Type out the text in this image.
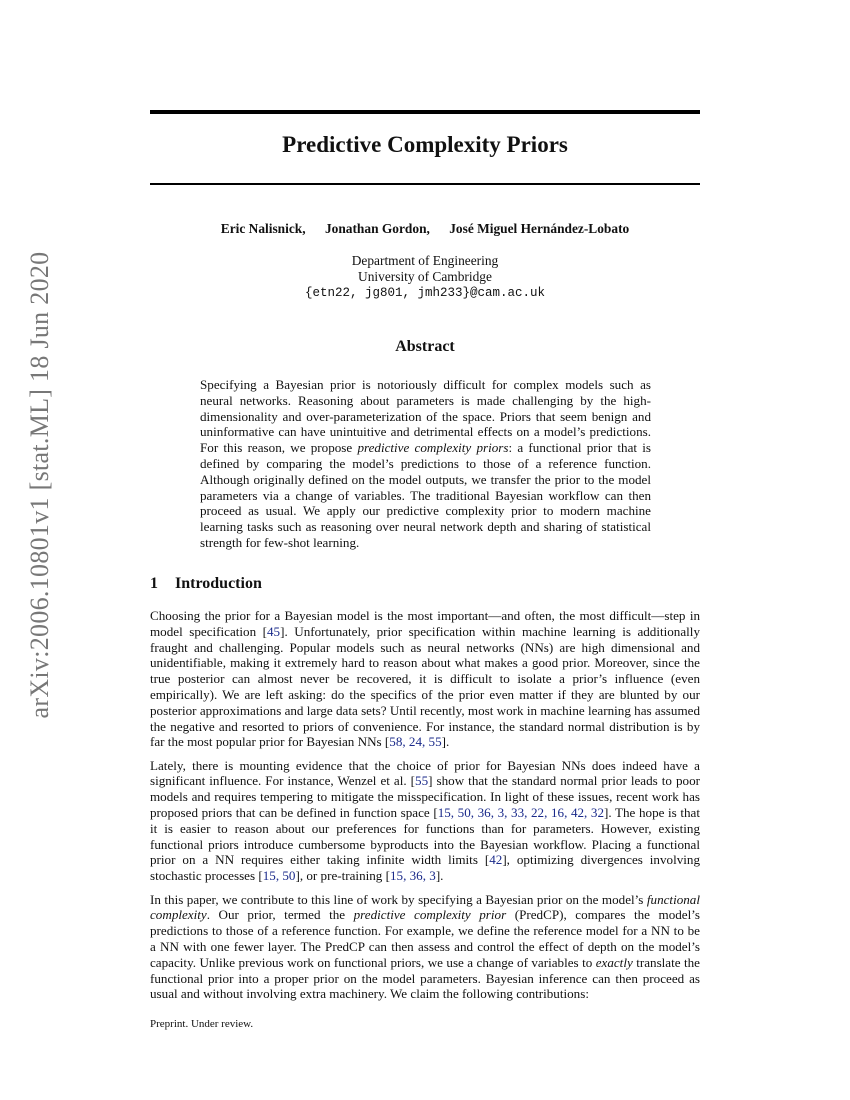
arXiv:2006.10801v1 [stat.ML] 18 Jun 2020
Predictive Complexity Priors
Eric Nalisnick, Jonathan Gordon, José Miguel Hernández-Lobato
Department of Engineering
University of Cambridge
{etn22, jg801, jmh233}@cam.ac.uk
Abstract

Specifying a Bayesian prior is notoriously difficult for complex models such as neural networks. Reasoning about parameters is made challenging by the high-dimensionality and over-parameterization of the space. Priors that seem benign and uninformative can have unintuitive and detrimental effects on a model’s predictions. For this reason, we propose predictive complexity priors: a functional prior that is defined by comparing the model’s predictions to those of a reference function. Although originally defined on the model outputs, we transfer the prior to the model parameters via a change of variables. The traditional Bayesian workflow can then proceed as usual. We apply our predictive complexity prior to modern machine learning tasks such as reasoning over neural network depth and sharing of statistical strength for few-shot learning.

1 Introduction

Choosing the prior for a Bayesian model is the most important—and often, the most difficult—step in model specification [45]. Unfortunately, prior specification within machine learning is additionally fraught and challenging. Popular models such as neural networks (NNs) are high dimensional and unidentifiable, making it extremely hard to reason about what makes a good prior. Moreover, since the true posterior can almost never be recovered, it is difficult to isolate a prior’s influence (even empirically). We are left asking: do the specifics of the prior even matter if they are blunted by our posterior approximations and large data sets? Until recently, most work in machine learning has assumed the negative and resorted to priors of convenience. For instance, the standard normal distribution is by far the most popular prior for Bayesian NNs [58, 24, 55].

Lately, there is mounting evidence that the choice of prior for Bayesian NNs does indeed have a significant influence. For instance, Wenzel et al. [55] show that the standard normal prior leads to poor models and requires tempering to mitigate the misspecification. In light of these issues, recent work has proposed priors that can be defined in function space [15, 50, 36, 3, 33, 22, 16, 42, 32]. The hope is that it is easier to reason about our preferences for functions than for parameters. However, existing functional priors introduce cumbersome byproducts into the Bayesian workflow. Placing a functional prior on a NN requires either taking infinite width limits [42], optimizing divergences involving stochastic processes [15, 50], or pre-training [15, 36, 3].

In this paper, we contribute to this line of work by specifying a Bayesian prior on the model’s functional complexity. Our prior, termed the predictive complexity prior (PredCP), compares the model’s predictions to those of a reference function. For example, we define the reference model for a NN to be a NN with one fewer layer. The PredCP can then assess and control the effect of depth on the model’s capacity. Unlike previous work on functional priors, we use a change of variables to exactly translate the functional prior into a proper prior on the model parameters. Bayesian inference can then proceed as usual and without involving extra machinery. We claim the following contributions:

Preprint. Under review.
